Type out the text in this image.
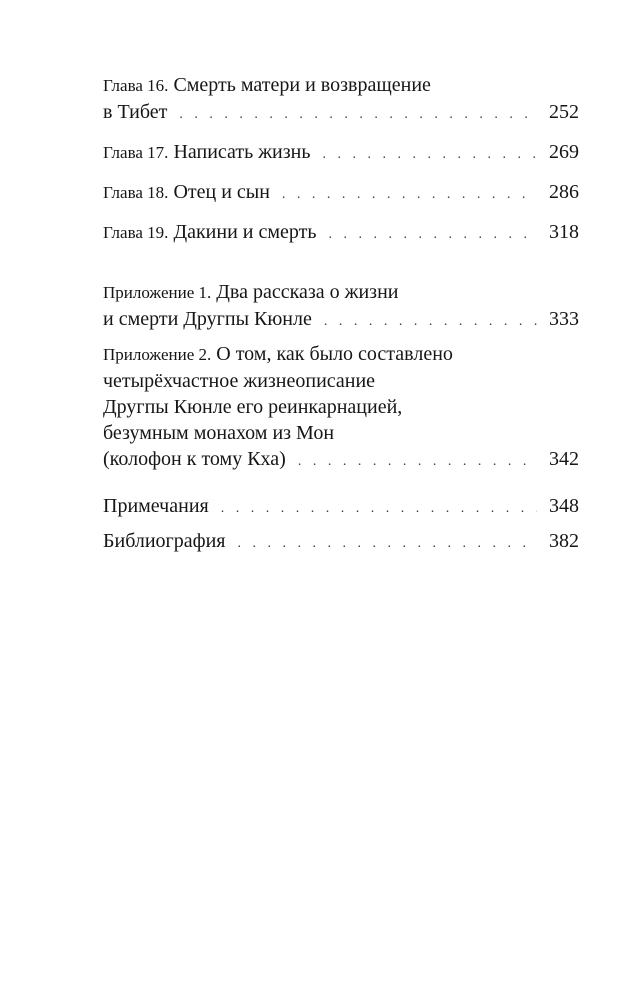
Глава 16. Смерть матери и возвращение
в Тибет . . .	252
Глава 17. Написать жизнь . . .	269
Глава 18. Отец и сын . . .	286
Глава 19. Дакини и смерть . . .	318
Приложение 1. Два рассказа о жизни
и смерти Другпы Кюнле . . .	333
Приложение 2. О том, как было составлено
четырёхчастное жизнеописание
Другпы Кюнле его реинкарнацией,
безумным монахом из Мон
(колофон к тому Кха) . . .	342
Примечания . . .	348
Библиография . . .	382
